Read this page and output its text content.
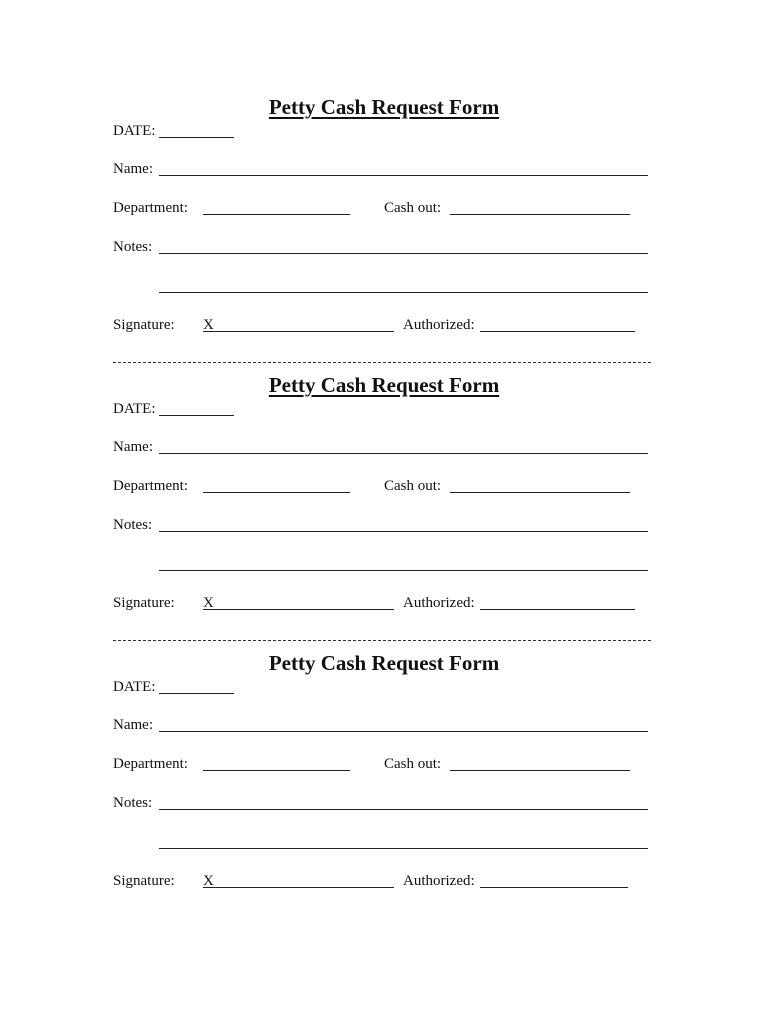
Petty Cash Request Form
DATE:
Name:
Department:	Cash out:
Notes:
Signature: X	Authorized:
Petty Cash Request Form
DATE:
Name:
Department:	Cash out:
Notes:
Signature: X	Authorized:
Petty Cash Request Form
DATE:
Name:
Department:	Cash out:
Notes:
Signature: X	Authorized:
